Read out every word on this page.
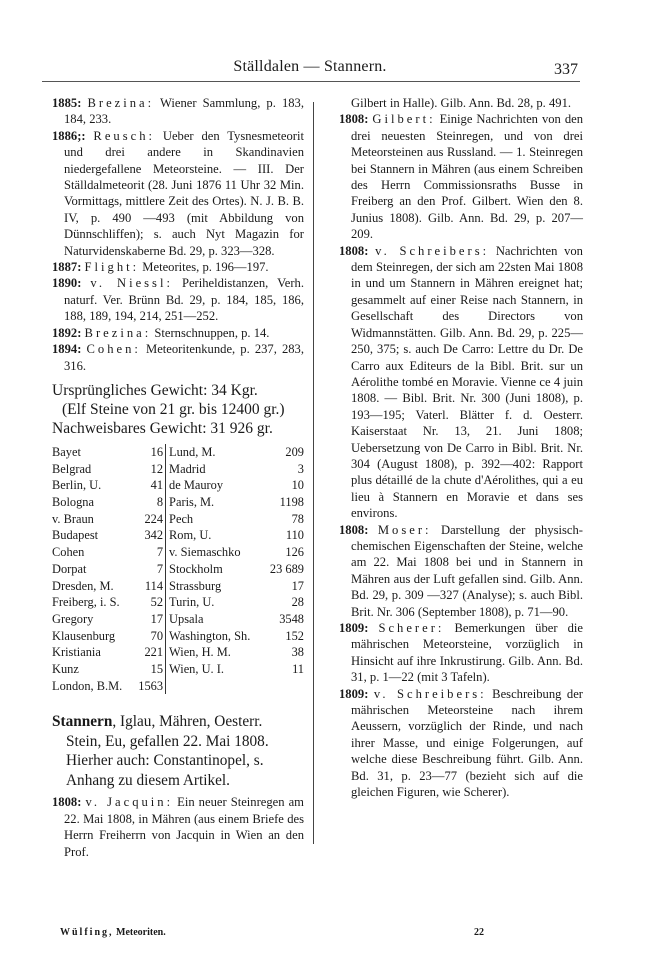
Ställdalen — Stannern.	337

1885: Brezina: Wiener Sammlung, p. 183, 184, 233.

1886;: Reusch: Ueber den Tysnesmeteorit und drei andere in Skandinavien niedergefallene Meteorsteine. — III. Der Ställdalmeteorit (28. Juni 1876 11 Uhr 32 Min. Vormittags, mittlere Zeit des Ortes). N. J. B. B. IV, p. 490 —493 (mit Abbildung von Dünnschliffen); s. auch Nyt Magazin for Naturvidenskaberne Bd. 29, p. 323—328.

1887: Flight: Meteorites, p. 196—197.

1890: v. Niessl: Periheldistanzen, Verh. naturf. Ver. Brünn Bd. 29, p. 184, 185, 186, 188, 189, 194, 214, 251—252.

1892: Brezina: Sternschnuppen, p. 14.

1894: Cohen: Meteoritenkunde, p. 237, 283, 316.

Ursprüngliches Gewicht: 34 Kgr.
(Elf Steine von 21 gr. bis 12400 gr.)
Nachweisbares Gewicht: 31 926 gr.
Bayet	16	Lund, M.	209
Belgrad	12	Madrid	3
Berlin, U.	41	de Mauroy	10
Bologna	8	Paris, M.	1198
v. Braun	224	Pech	78
Budapest	342	Rom, U.	110
Cohen	7	v. Siemaschko	126
Dorpat	7	Stockholm	23 689
Dresden, M.	114	Strassburg	17
Freiberg, i. S.	52	Turin, U.	28
Gregory	17	Upsala	3548
Klausenburg	70	Washington, Sh.	152
Kristiania	221	Wien, H. M.	38
Kunz	15	Wien, U. I.	11
London, B.M.	1563		
Stannern, Iglau, Mähren, Oesterr.
Stein, Eu, gefallen 22. Mai 1808.
Hierher auch: Constantinopel, s. Anhang zu diesem Artikel.

1808: v. Jacquin: Ein neuer Steinregen am 22. Mai 1808, in Mähren (aus einem Briefe des Herrn Freiherrn von Jacquin in Wien an den Prof.

Gilbert in Halle). Gilb. Ann. Bd. 28, p. 491.

1808: Gilbert: Einige Nachrichten von den drei neuesten Steinregen, und von drei Meteorsteinen aus Russland. — 1. Steinregen bei Stannern in Mähren (aus einem Schreiben des Herrn Commissionsraths Busse in Freiberg an den Prof. Gilbert. Wien den 8. Junius 1808). Gilb. Ann. Bd. 29, p. 207—209.

1808: v. Schreibers: Nachrichten von dem Steinregen, der sich am 22sten Mai 1808 in und um Stannern in Mähren ereignet hat; gesammelt auf einer Reise nach Stannern, in Gesellschaft des Directors von Widmannstätten. Gilb. Ann. Bd. 29, p. 225—250, 375; s. auch De Carro: Lettre du Dr. De Carro aux Editeurs de la Bibl. Brit. sur un Aérolithe tombé en Moravie. Vienne ce 4 juin 1808. — Bibl. Brit. Nr. 300 (Juni 1808), p. 193—195; Vaterl. Blätter f. d. Oesterr. Kaiserstaat Nr. 13, 21. Juni 1808; Uebersetzung von De Carro in Bibl. Brit. Nr. 304 (August 1808), p. 392—402: Rapport plus détaillé de la chute d'Aérolithes, qui a eu lieu à Stannern en Moravie et dans ses environs.

1808: Moser: Darstellung der physisch-chemischen Eigenschaften der Steine, welche am 22. Mai 1808 bei und in Stannern in Mähren aus der Luft gefallen sind. Gilb. Ann. Bd. 29, p. 309 —327 (Analyse); s. auch Bibl. Brit. Nr. 306 (September 1808), p. 71—90.

1809: Scherer: Bemerkungen über die mährischen Meteorsteine, vorzüglich in Hinsicht auf ihre Inkrustirung. Gilb. Ann. Bd. 31, p. 1—22 (mit 3 Tafeln).

1809: v. Schreibers: Beschreibung der mährischen Meteorsteine nach ihrem Aeussern, vorzüglich der Rinde, und nach ihrer Masse, und einige Folgerungen, auf welche diese Beschreibung führt. Gilb. Ann. Bd. 31, p. 23—77 (bezieht sich auf die gleichen Figuren, wie Scherer).

Wülfing, Meteoriten.	22
